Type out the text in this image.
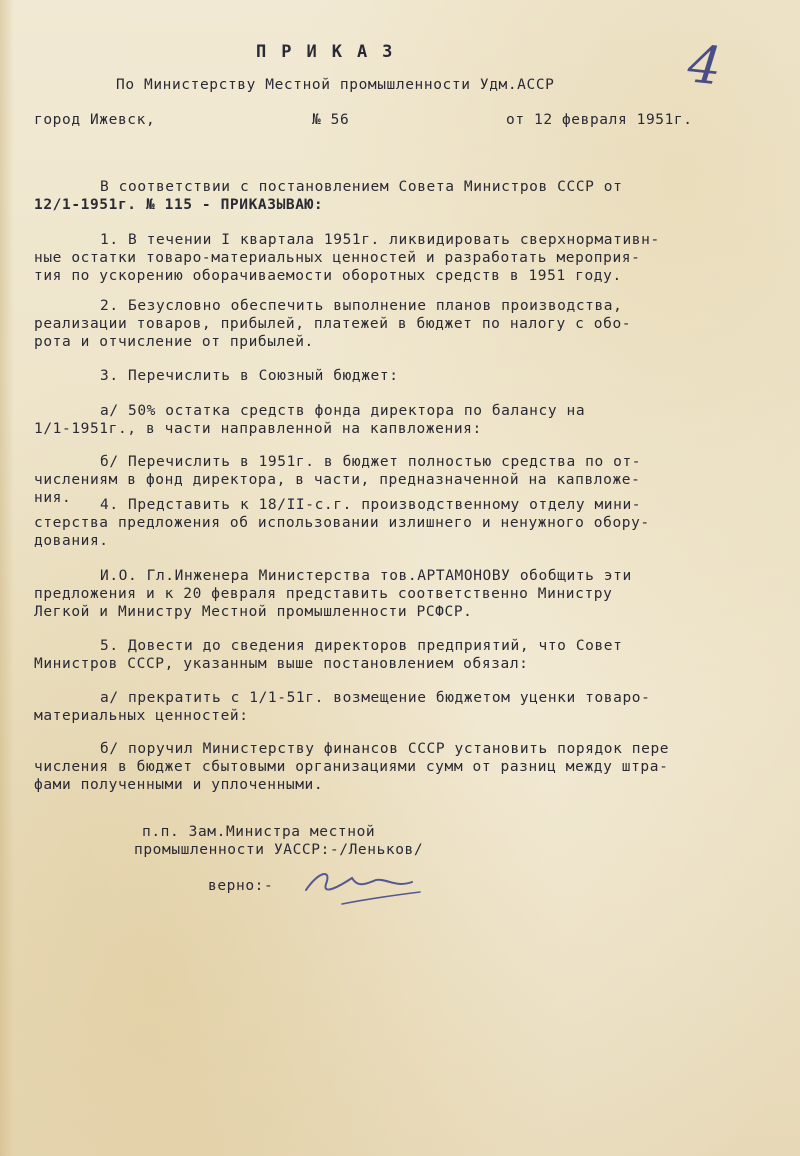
ПРИКАЗ	4
По Министерству Местной промышленности Удм.АССР
город Ижевск,	№ 56	от 12 февраля 1951г.
В соответствии с постановлением Совета Министров СССР от
12/1-1951г. № 115 - ПРИКАЗЫВАЮ:
1. В течении I квартала 1951г. ликвидировать сверхнормативн-
ные остатки товаро-материальных ценностей и разработать мероприя-
тия по ускорению оборачиваемости оборотных средств в 1951 году.
2. Безусловно обеспечить выполнение планов производства,
реализации товаров, прибылей, платежей в бюджет по налогу с обо-
рота и отчисление от прибылей.
3. Перечислить в Союзный бюджет:
а/ 50% остатка средств фонда директора по балансу на
1/1-1951г., в части направленной на капвложения:
б/ Перечислить в 1951г. в бюджет полностью средства по от-
числениям в фонд директора, в части, предназначенной на капвложе-
ния. 4. Представить к 18/II-с.г. производственному отделу мини-
стерства предложения об использовании излишнего и ненужного обору-
дования.
И.О. Гл.Инженера Министерства тов.АРТАМОНОВУ обобщить эти
предложения и к 20 февраля представить соответственно Министру
Легкой и Министру Местной промышленности РСФСР.
5. Довести до сведения директоров предприятий, что Совет
Министров СССР, указанным выше постановлением обязал:
а/ прекратить с 1/1-51г. возмещение бюджетом уценки товаро-
материальных ценностей:
б/ поручил Министерству финансов СССР установить порядок пере
числения в бюджет сбытовыми организациями сумм от разниц между штра-
фами полученными и уплоченными.
п.п. Зам.Министра местной
промышленности УАССР:-/Леньков/
верно:-
